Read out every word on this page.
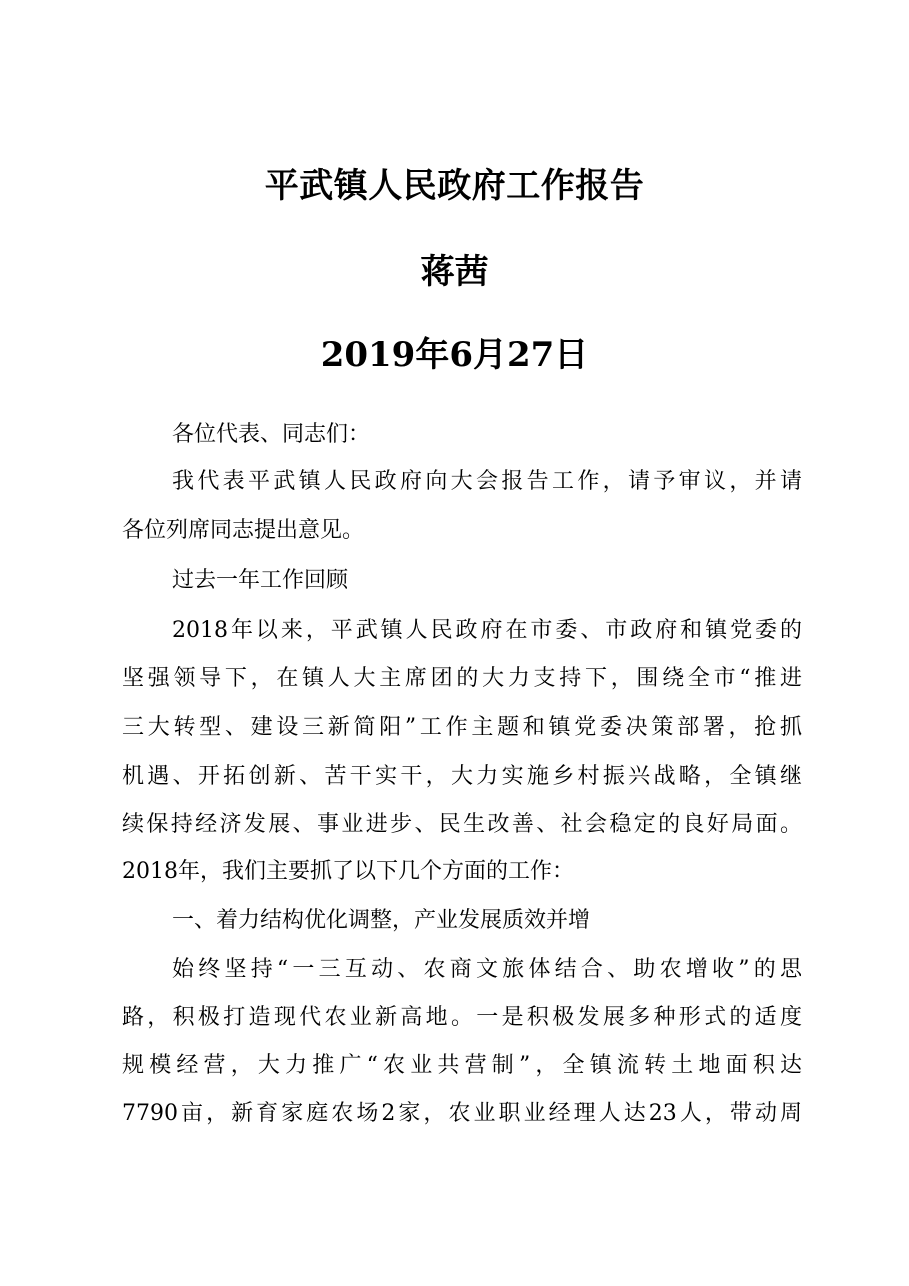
平武镇人民政府工作报告
蒋茜
2019年6月27日
各位代表、同志们：
我代表平武镇人民政府向大会报告工作，请予审议，并请
各位列席同志提出意见。
过去一年工作回顾
2018年以来，平武镇人民政府在市委、市政府和镇党委的
坚强领导下，在镇人大主席团的大力支持下，围绕全市“推进
三大转型、建设三新简阳”工作主题和镇党委决策部署，抢抓
机遇、开拓创新、苦干实干，大力实施乡村振兴战略，全镇继
续保持经济发展、事业进步、民生改善、社会稳定的良好局面。
2018年，我们主要抓了以下几个方面的工作：
一、着力结构优化调整，产业发展质效并增
始终坚持“一三互动、农商文旅体结合、助农增收”的思
路，积极打造现代农业新高地。一是积极发展多种形式的适度
规模经营，大力推广“农业共营制”，全镇流转土地面积达
7790亩，新育家庭农场2家，农业职业经理人达23人，带动周
